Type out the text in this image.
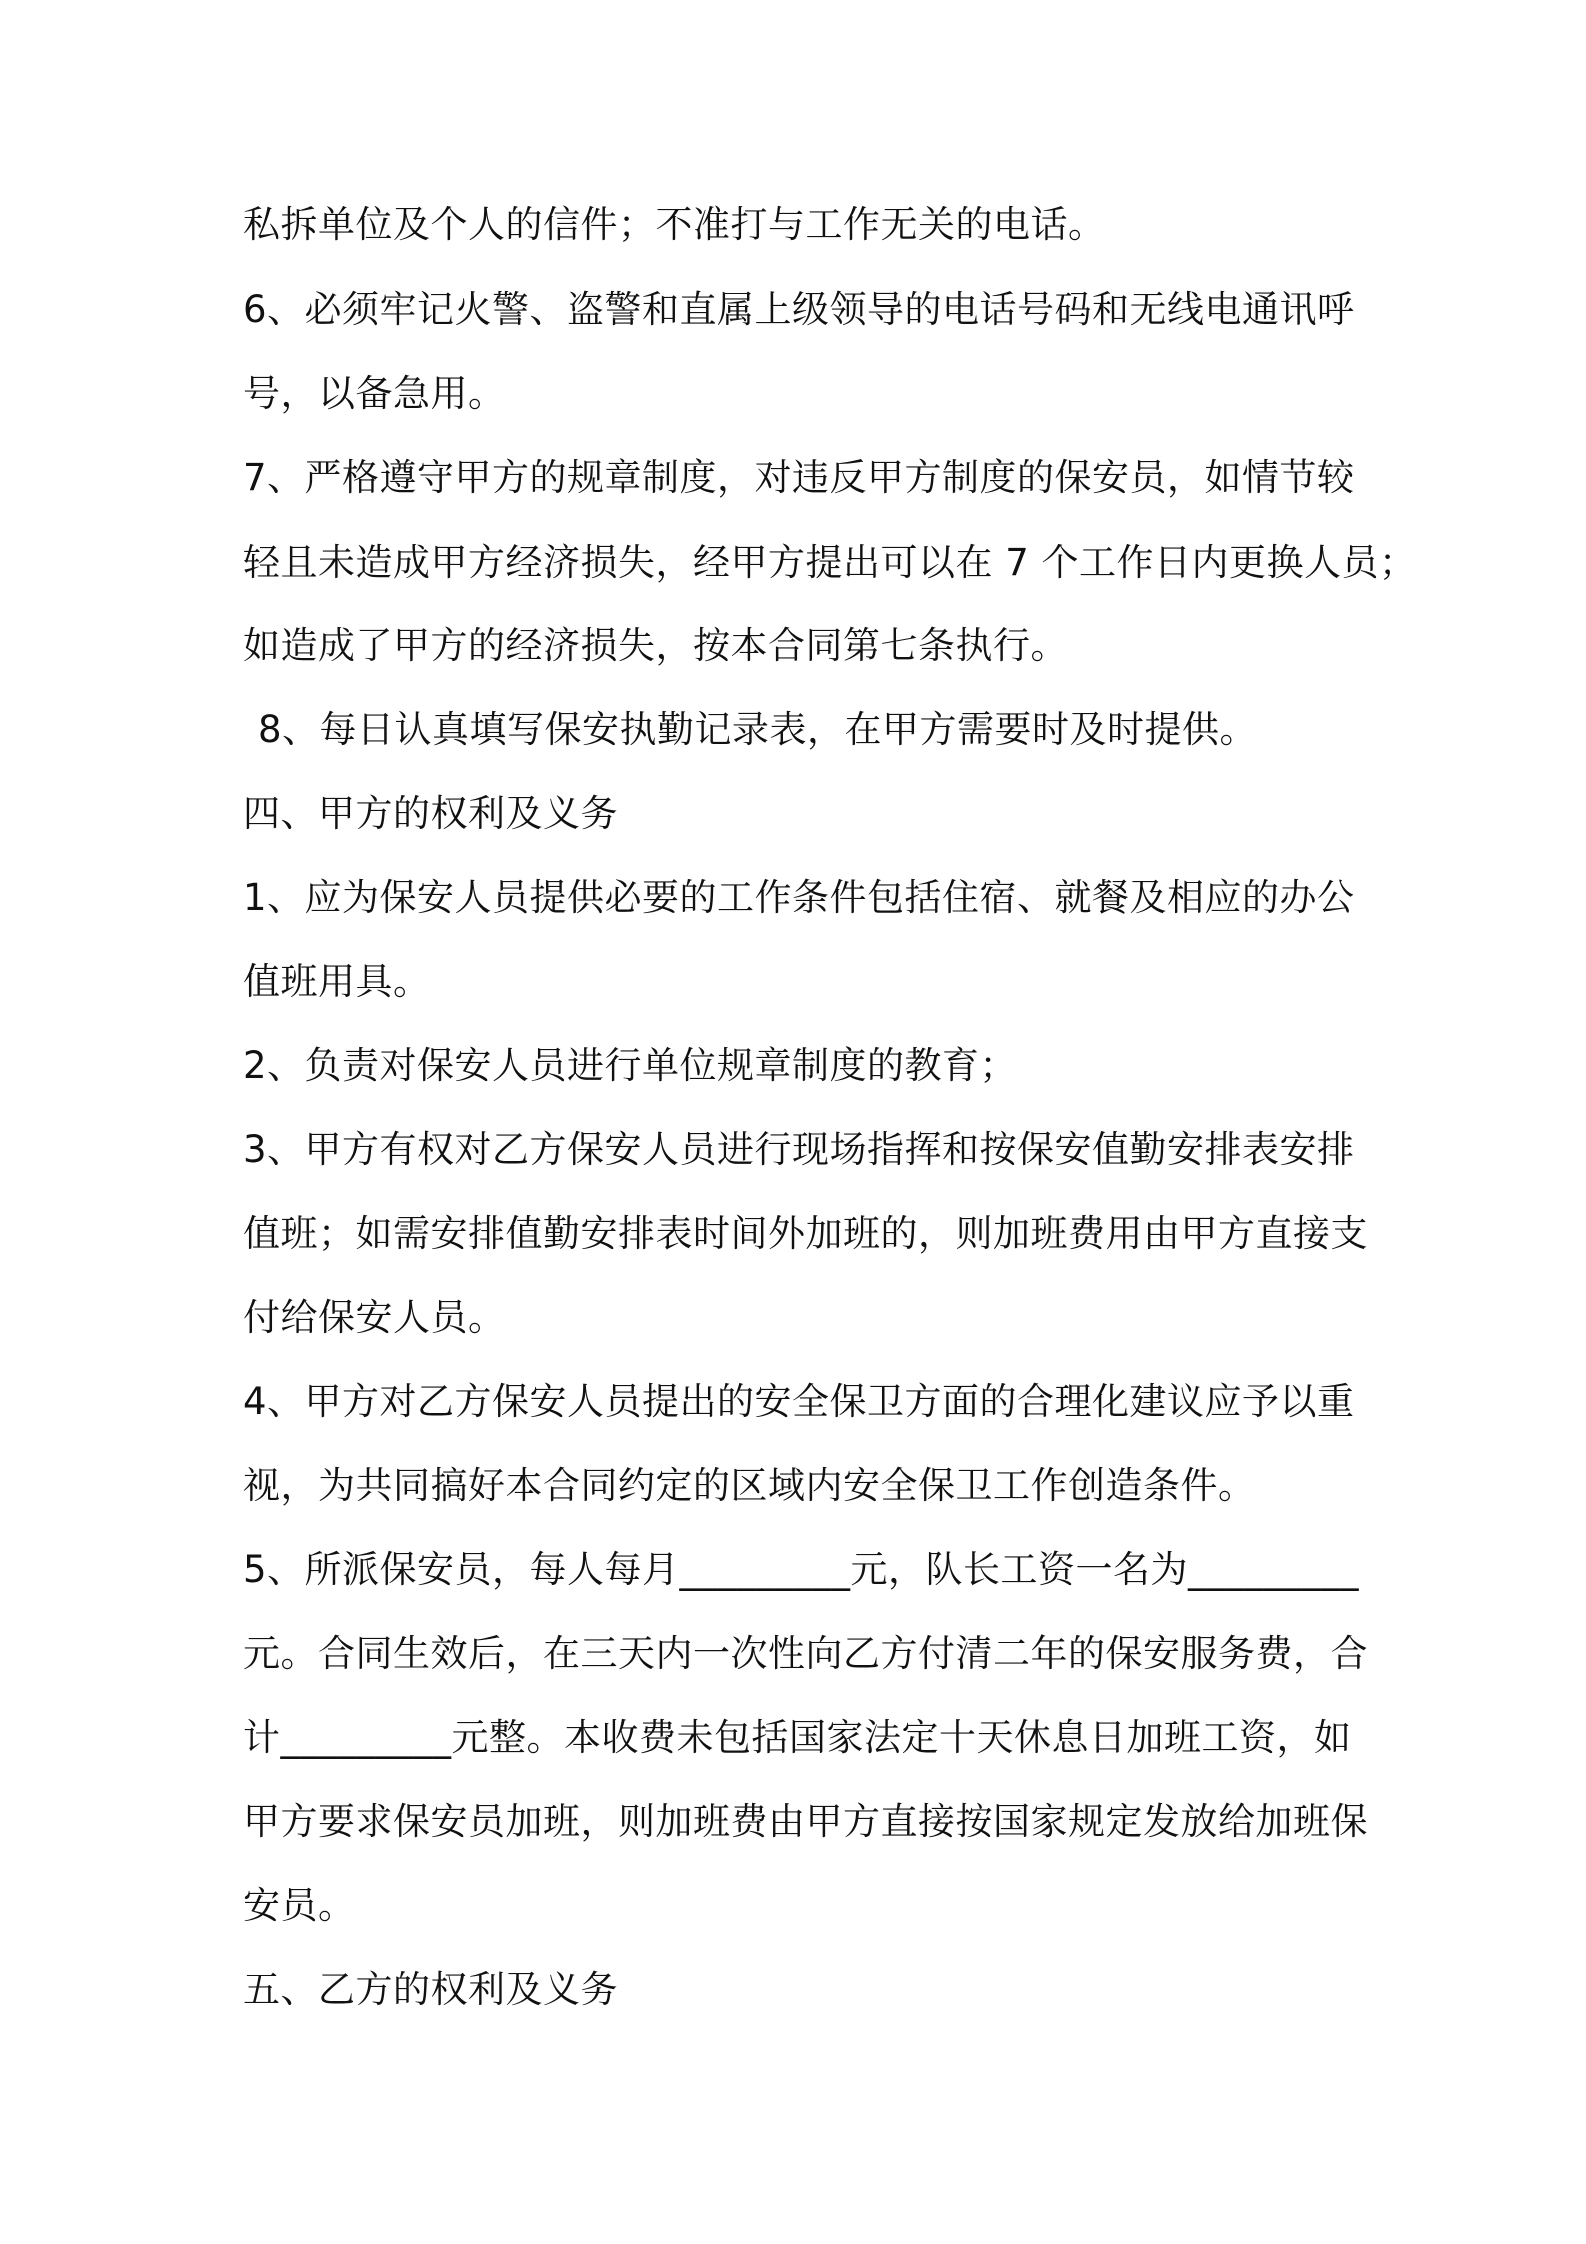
私拆单位及个人的信件；不准打与工作无关的电话。
6、必须牢记火警、盗警和直属上级领导的电话号码和无线电通讯呼
号，以备急用。
7、严格遵守甲方的规章制度，对违反甲方制度的保安员，如情节较
轻且未造成甲方经济损失，经甲方提出可以在 7 个工作日内更换人员；
如造成了甲方的经济损失，按本合同第七条执行。
8、每日认真填写保安执勤记录表，在甲方需要时及时提供。
四、甲方的权利及义务
1、应为保安人员提供必要的工作条件包括住宿、就餐及相应的办公
值班用具。
2、负责对保安人员进行单位规章制度的教育；
3、甲方有权对乙方保安人员进行现场指挥和按保安值勤安排表安排
值班；如需安排值勤安排表时间外加班的，则加班费用由甲方直接支
付给保安人员。
4、甲方对乙方保安人员提出的安全保卫方面的合理化建议应予以重
视，为共同搞好本合同约定的区域内安全保卫工作创造条件。
5、所派保安员，每人每月_________元，队长工资一名为_________
元。合同生效后，在三天内一次性向乙方付清二年的保安服务费，合
计_________元整。本收费未包括国家法定十天休息日加班工资，如
甲方要求保安员加班，则加班费由甲方直接按国家规定发放给加班保
安员。
五、乙方的权利及义务
